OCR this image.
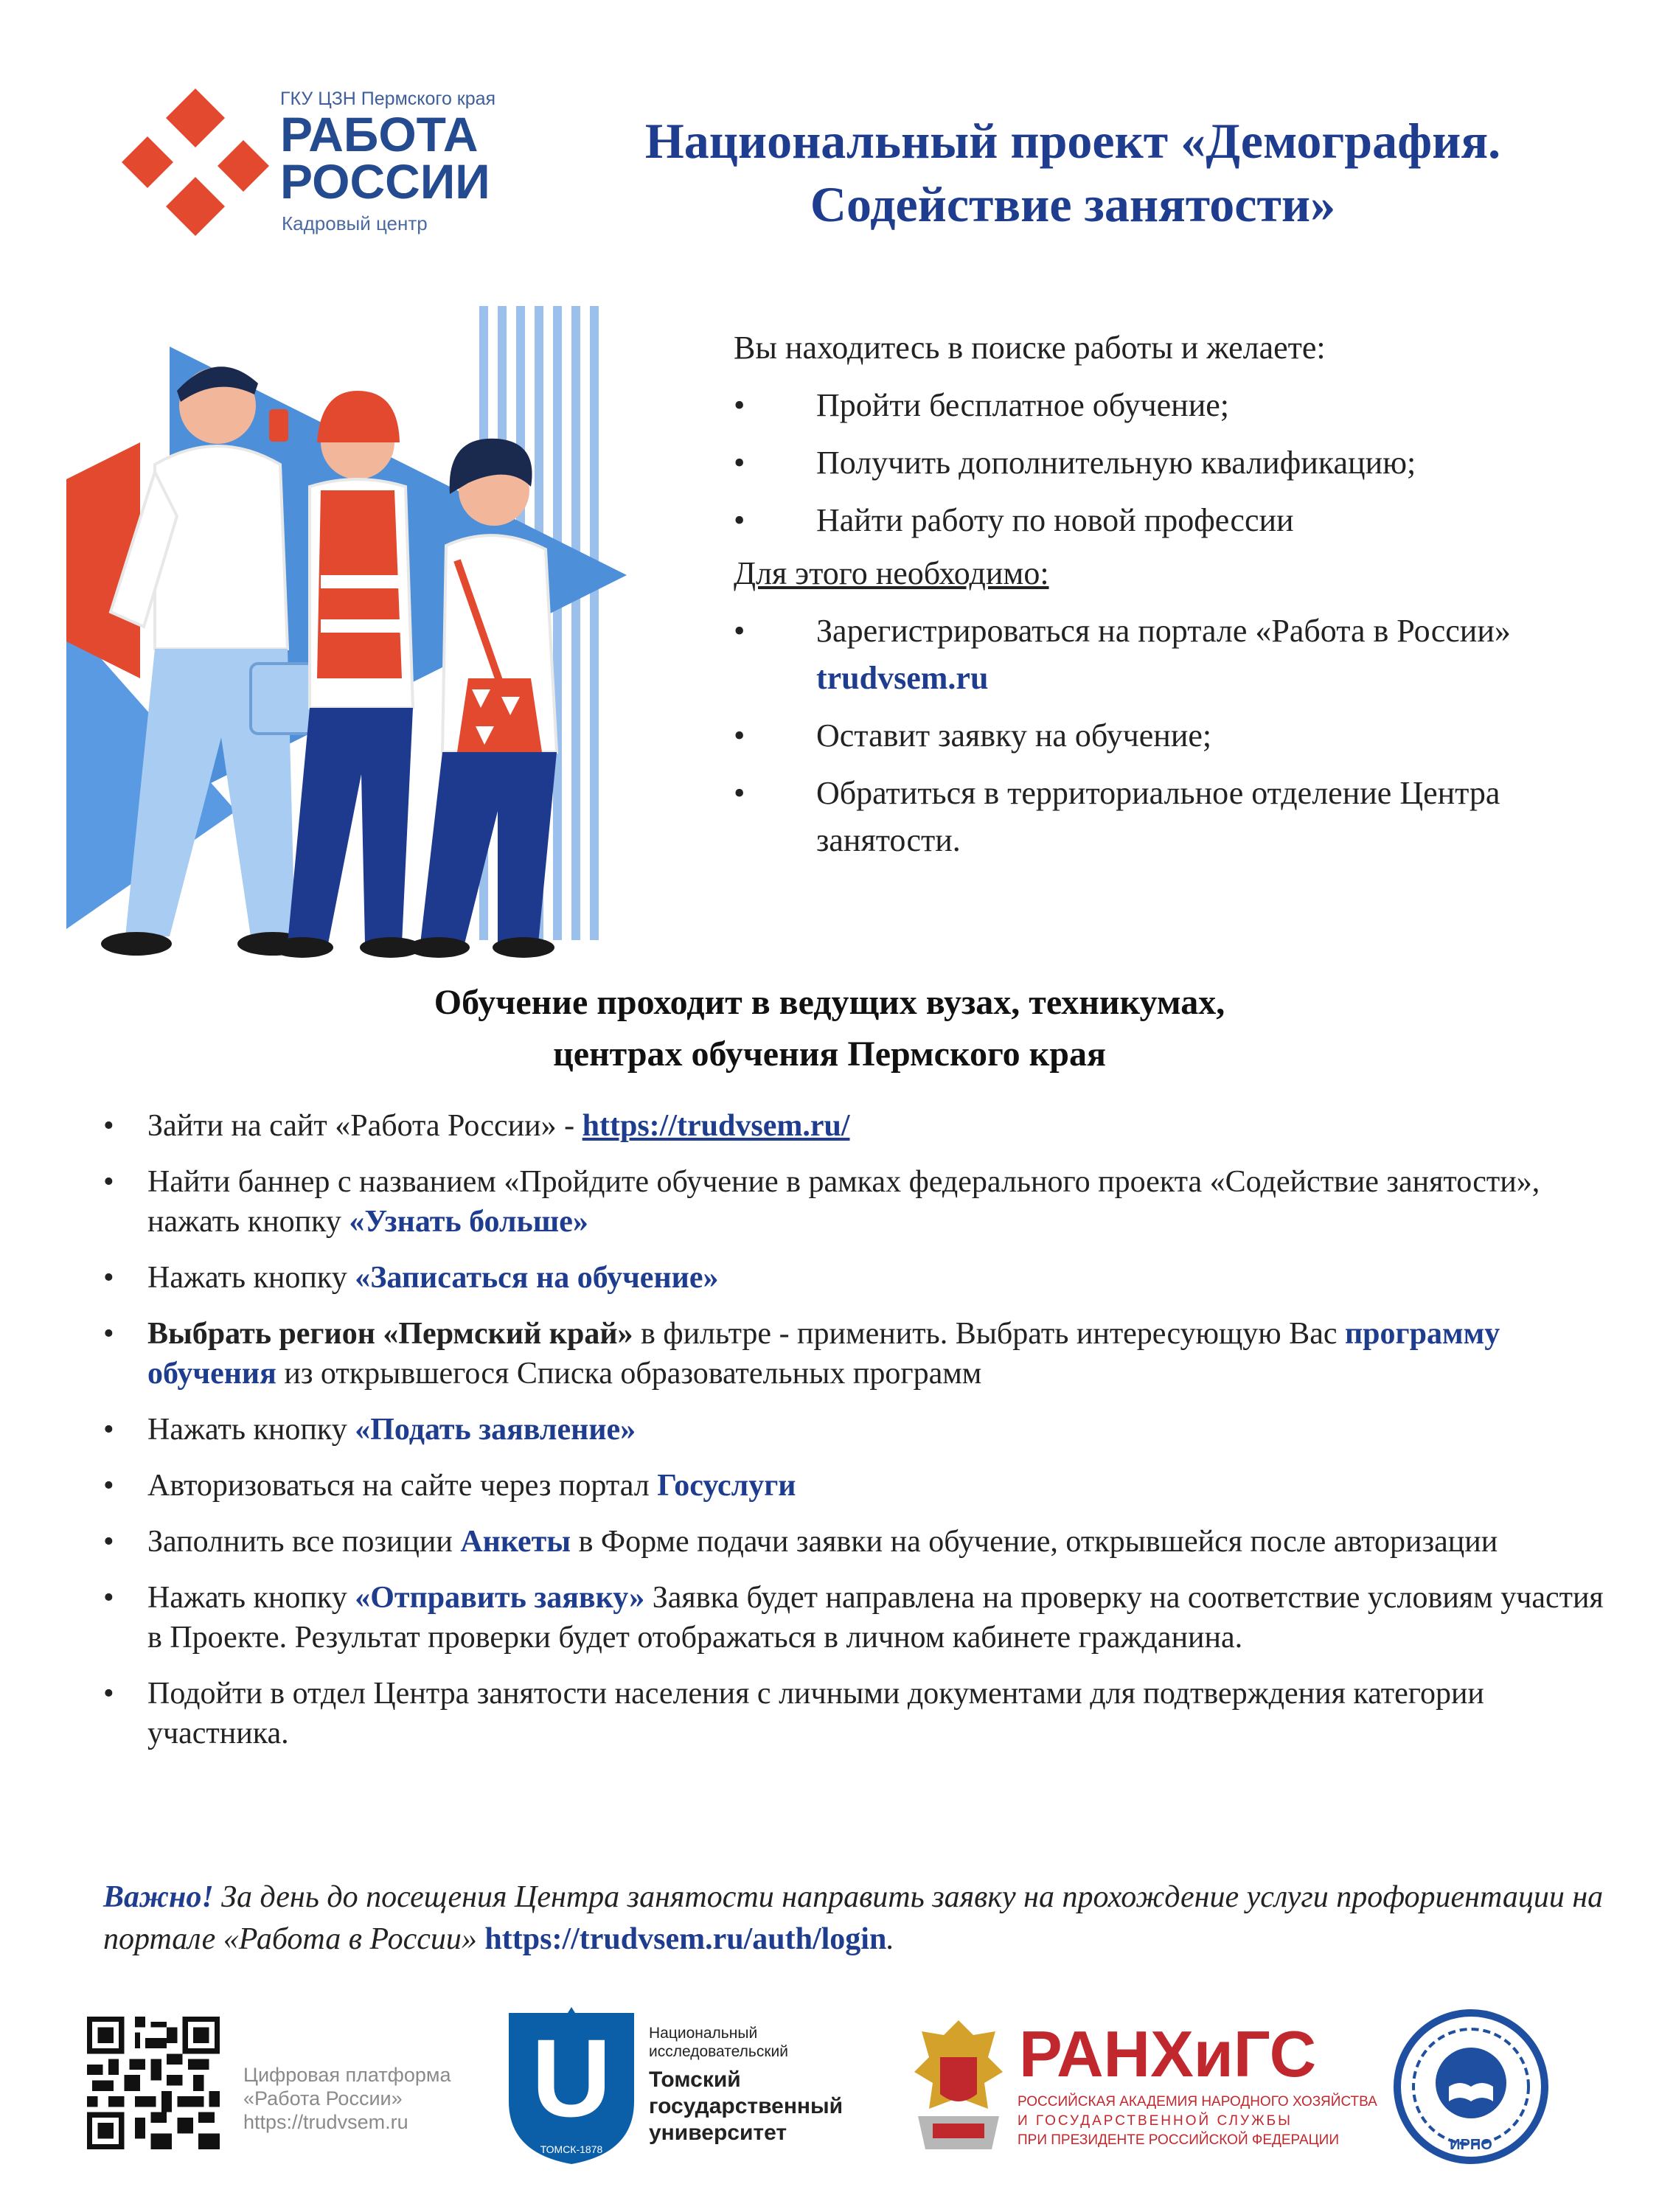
ГКУ ЦЗН Пермского края
РАБОТА
РОССИИ
Кадровый центр
Национальный проект «Демография.
Содействие занятости»

Вы находитесь в поиске работы и желаете:

• Пройти бесплатное обучение;
• Получить дополнительную квалификацию;
• Найти работу по новой профессии

Для этого необходимо:

• Зарегистрироваться на портале «Работа в России» trudvsem.ru
• Оставит заявку на обучение;
• Обратиться в территориальное отделение Центра занятости.
Обучение проходит в ведущих вузах, техникумах,
центрах обучения Пермского края
• Зайти на сайт «Работа России» - https://trudvsem.ru/
• Найти баннер с названием «Пройдите обучение в рамках федерального проекта «Содействие занятости», нажать кнопку «Узнать больше»
• Нажать кнопку «Записаться на обучение»
• Выбрать регион «Пермский край» в фильтре - применить. Выбрать интересующую Вас программу обучения из открывшегося Списка образовательных программ
• Нажать кнопку «Подать заявление»
• Авторизоваться на сайте через портал Госуслуги
• Заполнить все позиции Анкеты в Форме подачи заявки на обучение, открывшейся после авторизации
• Нажать кнопку «Отправить заявку» Заявка будет направлена на проверку на соответствие условиям участия в Проекте. Результат проверки будет отображаться в личном кабинете гражданина.
• Подойти в отдел Центра занятости населения с личными документами для подтверждения категории участника.
Важно! За день до посещения Центра занятости направить заявку на прохождение услуги профориентации на портале «Работа в России» https://trudvsem.ru/auth/login.
Цифровая платформа
«Работа России»
https://trudvsem.ru	U
ТОМСК-1878
Национальный
исследовательский
Томский
государственный
университет
РАНХиГС
РОССИЙСКАЯ АКАДЕМИЯ НАРОДНОГО ХОЗЯЙСТВА
И ГОСУДАРСТВЕННОЙ СЛУЖБЫ
ПРИ ПРЕЗИДЕНТЕ РОССИЙСКОЙ ФЕДЕРАЦИИ	ИРПО
